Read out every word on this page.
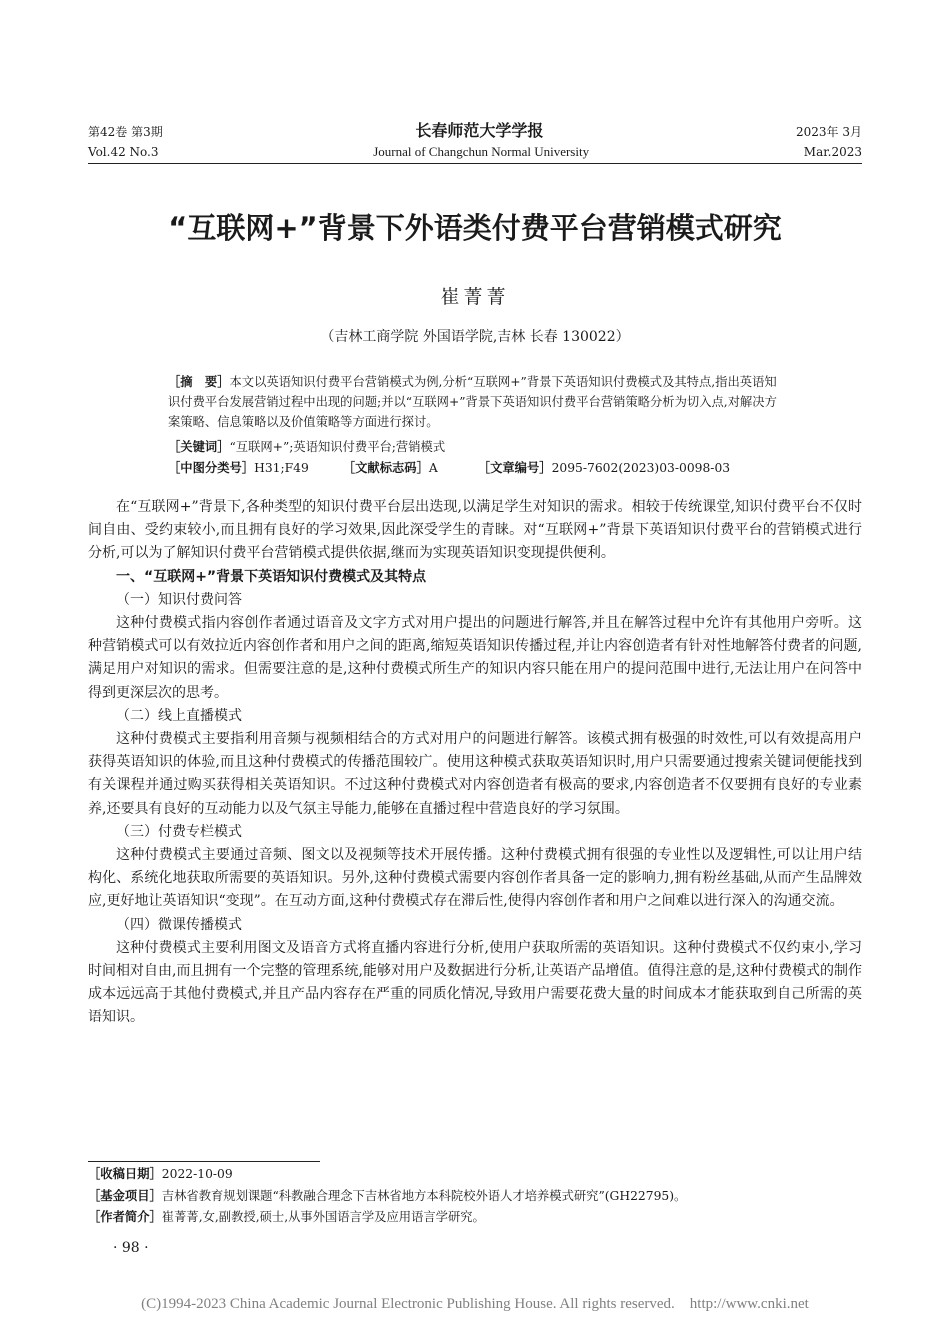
第42卷 第3期	长春师范大学学报	2023年 3月
Vol.42 No.3	Journal of Changchun Normal University	Mar.2023
“互联网+”背景下外语类付费平台营销模式研究
崔菁菁
（吉林工商学院 外国语学院,吉林 长春 130022）
［摘　要］本文以英语知识付费平台营销模式为例,分析“互联网+”背景下英语知识付费模式及其特点,指出英语知识付费平台发展营销过程中出现的问题;并以“互联网+”背景下英语知识付费平台营销策略分析为切入点,对解决方案策略、信息策略以及价值策略等方面进行探讨。
［关键词］“互联网+”;英语知识付费平台;营销模式
［中图分类号］ H31;F49	［文献标志码］ A	［文章编号］ 2095-7602(2023)03-0098-03

在“互联网+”背景下,各种类型的知识付费平台层出迭现,以满足学生对知识的需求。相较于传统课堂,知识付费平台不仅时间自由、受约束较小,而且拥有良好的学习效果,因此深受学生的青睐。对“互联网+”背景下英语知识付费平台的营销模式进行分析,可以为了解知识付费平台营销模式提供依据,继而为实现英语知识变现提供便利。

一、“互联网+”背景下英语知识付费模式及其特点

（一）知识付费问答

这种付费模式指内容创作者通过语音及文字方式对用户提出的问题进行解答,并且在解答过程中允许有其他用户旁听。这种营销模式可以有效拉近内容创作者和用户之间的距离,缩短英语知识传播过程,并让内容创造者有针对性地解答付费者的问题,满足用户对知识的需求。但需要注意的是,这种付费模式所生产的知识内容只能在用户的提问范围中进行,无法让用户在问答中得到更深层次的思考。

（二）线上直播模式

这种付费模式主要指利用音频与视频相结合的方式对用户的问题进行解答。该模式拥有极强的时效性,可以有效提高用户获得英语知识的体验,而且这种付费模式的传播范围较广。使用这种模式获取英语知识时,用户只需要通过搜索关键词便能找到有关课程并通过购买获得相关英语知识。不过这种付费模式对内容创造者有极高的要求,内容创造者不仅要拥有良好的专业素养,还要具有良好的互动能力以及气氛主导能力,能够在直播过程中营造良好的学习氛围。

（三）付费专栏模式

这种付费模式主要通过音频、图文以及视频等技术开展传播。这种付费模式拥有很强的专业性以及逻辑性,可以让用户结构化、系统化地获取所需要的英语知识。另外,这种付费模式需要内容创作者具备一定的影响力,拥有粉丝基础,从而产生品牌效应,更好地让英语知识“变现”。在互动方面,这种付费模式存在滞后性,使得内容创作者和用户之间难以进行深入的沟通交流。

（四）微课传播模式

这种付费模式主要利用图文及语音方式将直播内容进行分析,使用户获取所需的英语知识。这种付费模式不仅约束小,学习时间相对自由,而且拥有一个完整的管理系统,能够对用户及数据进行分析,让英语产品增值。值得注意的是,这种付费模式的制作成本远远高于其他付费模式,并且产品内容存在严重的同质化情况,导致用户需要花费大量的时间成本才能获取到自己所需的英语知识。

［收稿日期］2022-10-09
［基金项目］吉林省教育规划课题“科教融合理念下吉林省地方本科院校外语人才培养模式研究”(GH22795)。
［作者简介］崔菁菁,女,副教授,硕士,从事外国语言学及应用语言学研究。
· 98 ·
(C)1994-2023 China Academic Journal Electronic Publishing House. All rights reserved.    http://www.cnki.net
